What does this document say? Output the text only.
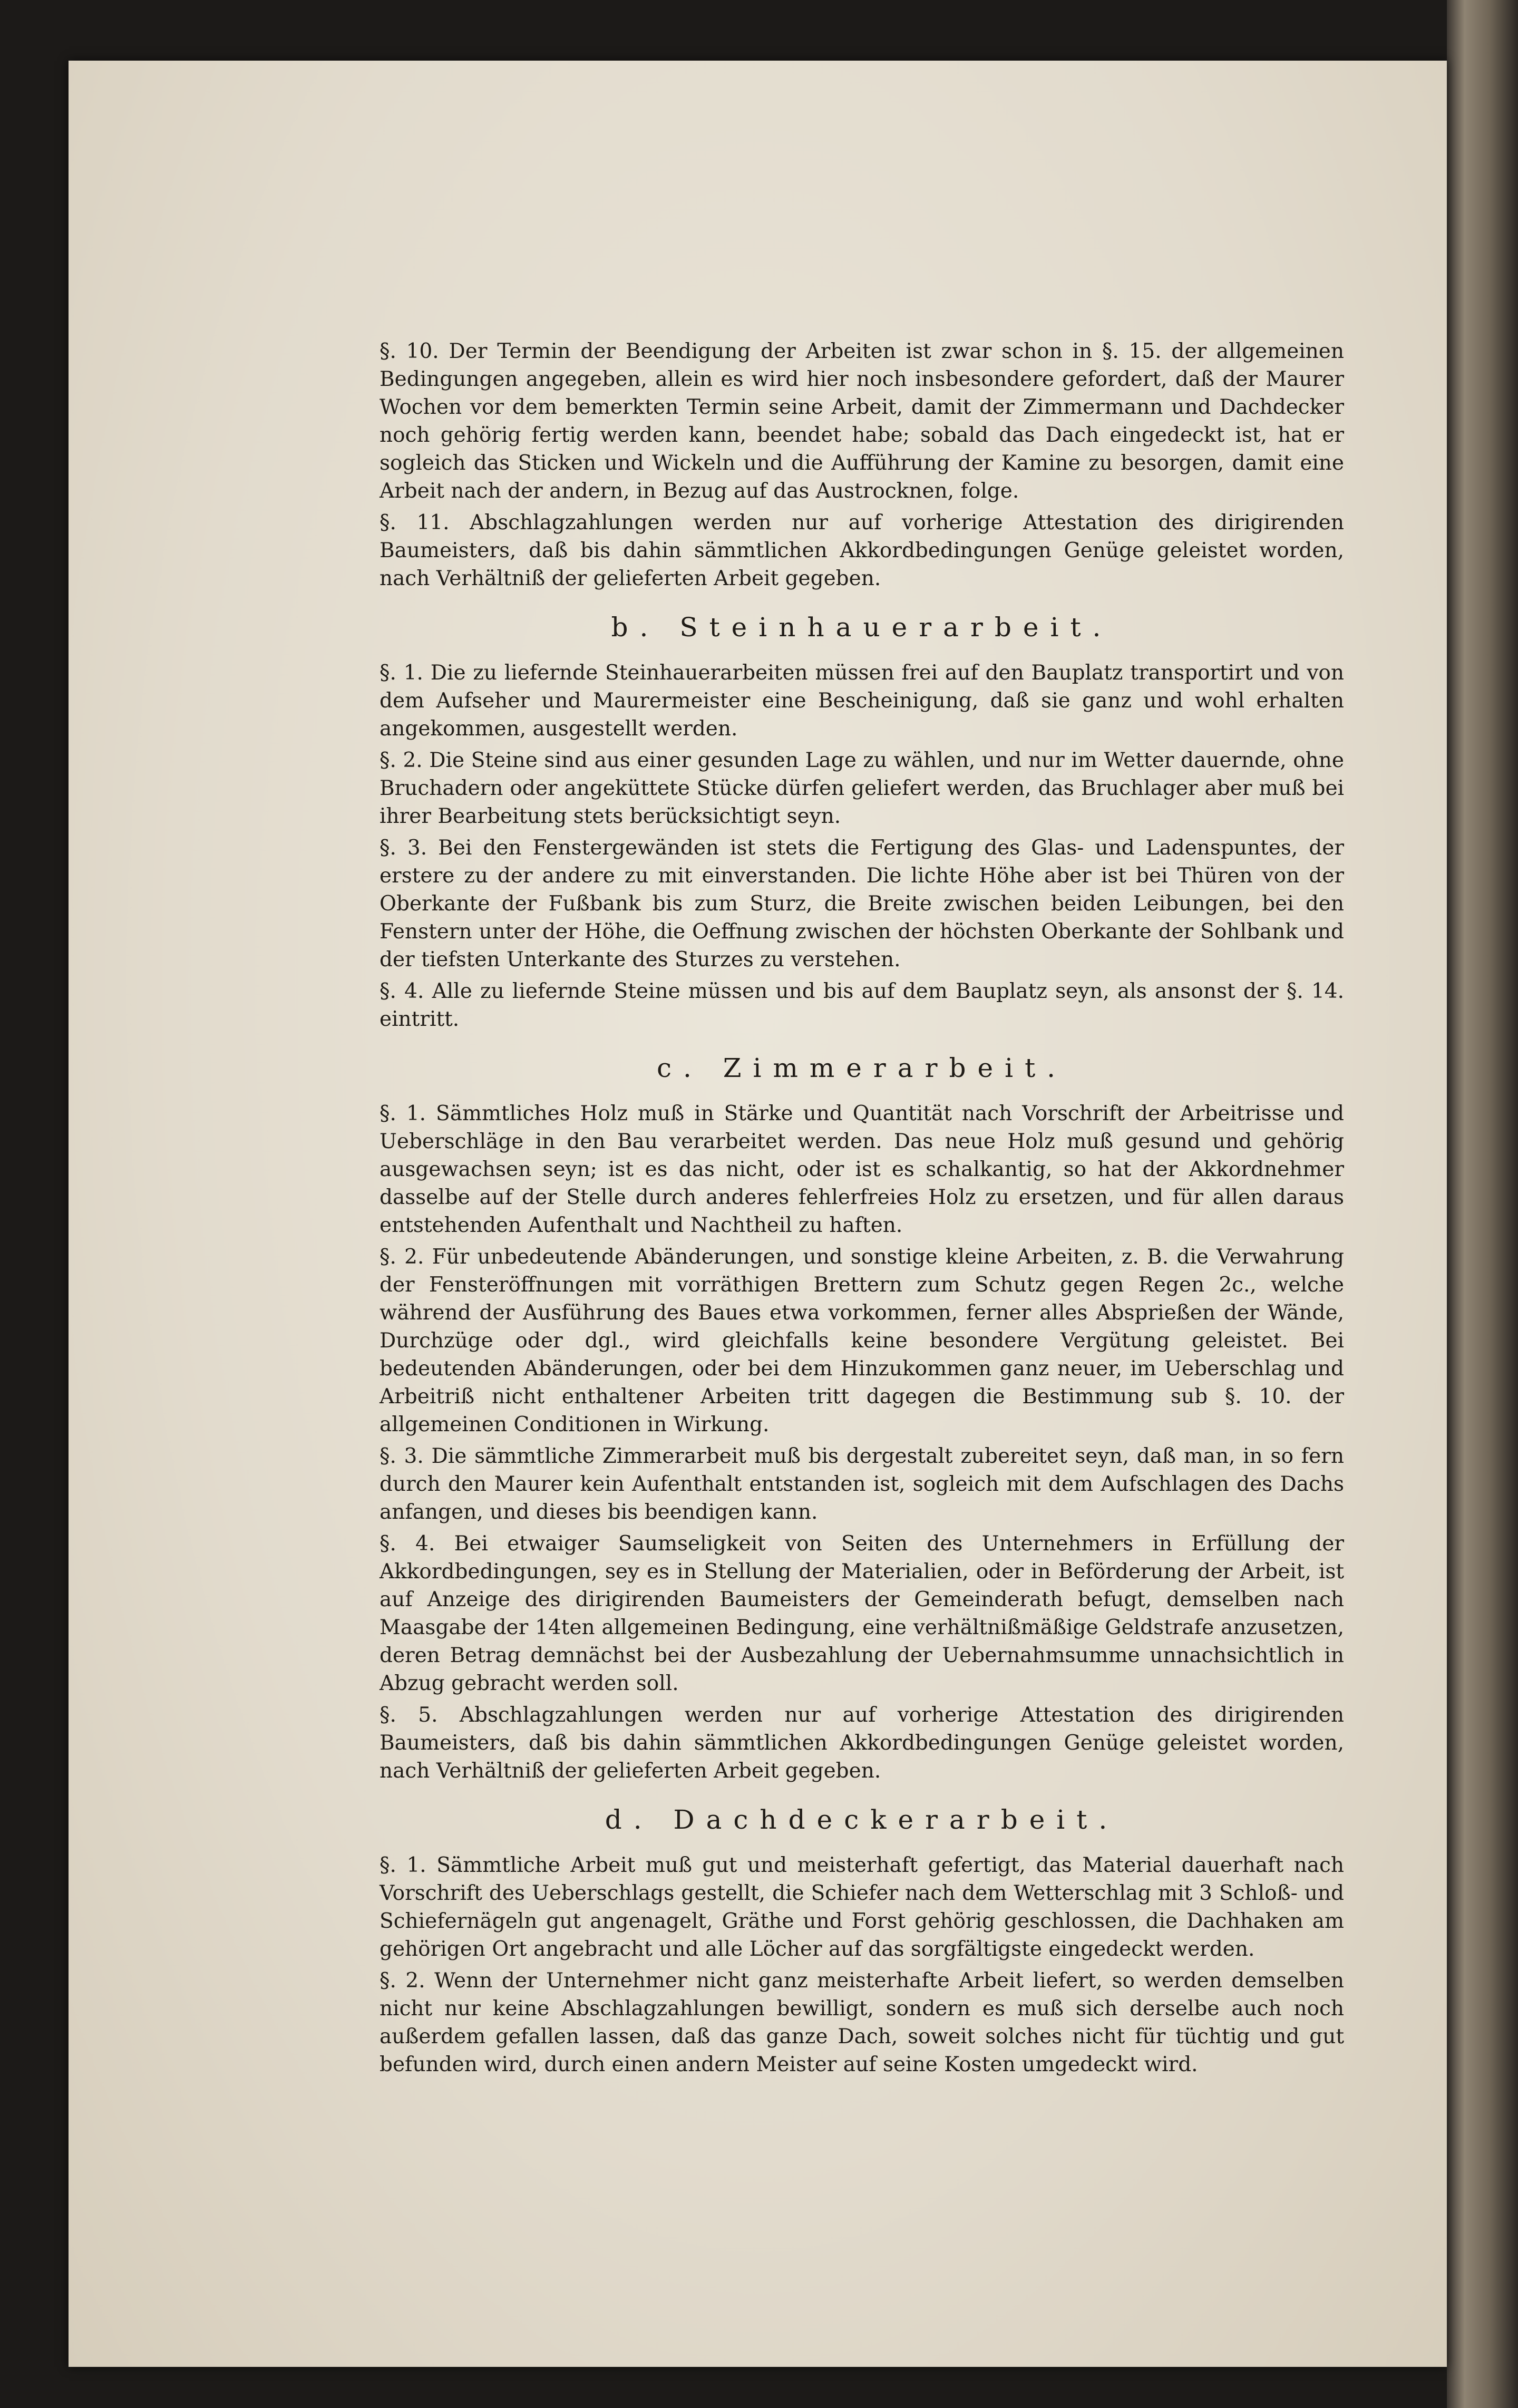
§. 10. Der Termin der Beendigung der Arbeiten ist zwar schon in §. 15. der allgemeinen Bedingungen angegeben, allein es wird hier noch insbesondere gefordert, daß der Maurer Wochen vor dem bemerkten Termin seine Arbeit, damit der Zimmermann und Dachdecker noch gehörig fertig werden kann, beendet habe; sobald das Dach eingedeckt ist, hat er sogleich das Sticken und Wickeln und die Aufführung der Kamine zu besorgen, damit eine Arbeit nach der andern, in Bezug auf das Austrocknen, folge.

§. 11. Abschlagzahlungen werden nur auf vorherige Attestation des dirigirenden Baumeisters, daß bis dahin sämmtlichen Akkordbedingungen Genüge geleistet worden, nach Verhältniß der gelieferten Arbeit gegeben.

b. Steinhauerarbeit.

§. 1. Die zu liefernde Steinhauerarbeiten müssen frei auf den Bauplatz transportirt und von dem Aufseher und Maurermeister eine Bescheinigung, daß sie ganz und wohl erhalten angekommen, ausgestellt werden.

§. 2. Die Steine sind aus einer gesunden Lage zu wählen, und nur im Wetter dauernde, ohne Bruchadern oder angeküttete Stücke dürfen geliefert werden, das Bruchlager aber muß bei ihrer Bearbeitung stets berücksichtigt seyn.

§. 3. Bei den Fenstergewänden ist stets die Fertigung des Glas- und Ladenspuntes, der erstere zu der andere zu mit einverstanden. Die lichte Höhe aber ist bei Thüren von der Oberkante der Fußbank bis zum Sturz, die Breite zwischen beiden Leibungen, bei den Fenstern unter der Höhe, die Oeffnung zwischen der höchsten Oberkante der Sohlbank und der tiefsten Unterkante des Sturzes zu verstehen.

§. 4. Alle zu liefernde Steine müssen und bis auf dem Bauplatz seyn, als ansonst der §. 14. eintritt.

c. Zimmerarbeit.

§. 1. Sämmtliches Holz muß in Stärke und Quantität nach Vorschrift der Arbeitrisse und Ueberschläge in den Bau verarbeitet werden. Das neue Holz muß gesund und gehörig ausgewachsen seyn; ist es das nicht, oder ist es schalkantig, so hat der Akkordnehmer dasselbe auf der Stelle durch anderes fehlerfreies Holz zu ersetzen, und für allen daraus entstehenden Aufenthalt und Nachtheil zu haften.

§. 2. Für unbedeutende Abänderungen, und sonstige kleine Arbeiten, z. B. die Verwahrung der Fensteröffnungen mit vorräthigen Brettern zum Schutz gegen Regen 2c., welche während der Ausführung des Baues etwa vorkommen, ferner alles Absprießen der Wände, Durchzüge oder dgl., wird gleichfalls keine besondere Vergütung geleistet. Bei bedeutenden Abänderungen, oder bei dem Hinzukommen ganz neuer, im Ueberschlag und Arbeitriß nicht enthaltener Arbeiten tritt dagegen die Bestimmung sub §. 10. der allgemeinen Conditionen in Wirkung.

§. 3. Die sämmtliche Zimmerarbeit muß bis dergestalt zubereitet seyn, daß man, in so fern durch den Maurer kein Aufenthalt entstanden ist, sogleich mit dem Aufschlagen des Dachs anfangen, und dieses bis beendigen kann.

§. 4. Bei etwaiger Saumseligkeit von Seiten des Unternehmers in Erfüllung der Akkordbedingungen, sey es in Stellung der Materialien, oder in Beförderung der Arbeit, ist auf Anzeige des dirigirenden Baumeisters der Gemeinderath befugt, demselben nach Maasgabe der 14ten allgemeinen Bedingung, eine verhältnißmäßige Geldstrafe anzusetzen, deren Betrag demnächst bei der Ausbezahlung der Uebernahmsumme unnachsichtlich in Abzug gebracht werden soll.

§. 5. Abschlagzahlungen werden nur auf vorherige Attestation des dirigirenden Baumeisters, daß bis dahin sämmtlichen Akkordbedingungen Genüge geleistet worden, nach Verhältniß der gelieferten Arbeit gegeben.

d. Dachdeckerarbeit.

§. 1. Sämmtliche Arbeit muß gut und meisterhaft gefertigt, das Material dauerhaft nach Vorschrift des Ueberschlags gestellt, die Schiefer nach dem Wetterschlag mit 3 Schloß- und Schiefernägeln gut angenagelt, Gräthe und Forst gehörig geschlossen, die Dachhaken am gehörigen Ort angebracht und alle Löcher auf das sorgfältigste eingedeckt werden.

§. 2. Wenn der Unternehmer nicht ganz meisterhafte Arbeit liefert, so werden demselben nicht nur keine Abschlagzahlungen bewilligt, sondern es muß sich derselbe auch noch außerdem gefallen lassen, daß das ganze Dach, soweit solches nicht für tüchtig und gut befunden wird, durch einen andern Meister auf seine Kosten umgedeckt wird.
